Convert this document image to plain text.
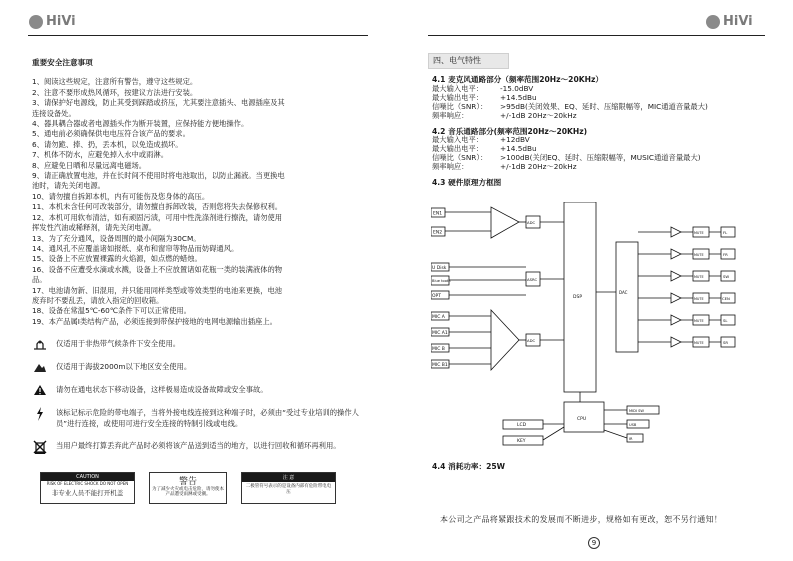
HiVi	HiVi
重要安全注意事项
1、阅读这些规定，注意所有警告，遵守这些规定。
2、注意不要形成热风循环，按建议方法进行安装。
3、请保护好电源线，防止其受到踩踏或挤压，尤其要注意插头、电源插座及其
连接设备处。
4、器具耦合器或者电源插头作为断开装置，应保持能方便地操作。
5、通电前必须确保供电电压符合该产品的要求。
6、请勿跪、捧、扔，丢本机，以免造成损坏。
7、机体不防水，应避免掉入水中或雨淋。
8、应避免日晒和尽量远离电磁场。
9、请正确放置电池，并在长时间不使用时将电池取出，以防止漏液。当更换电
池时，请先关闭电源。
10、请勿擅自拆卸本机，内有可能伤及您身体的高压。
11、本机未含任何可改装部分，请勿擅自拆卸改装，否则您将失去保修权利。
12、本机可用软布清洁，如有顽固污渍，可用中性洗涤剂进行擦洗，请勿使用
挥发性汽油或稀释剂，请先关闭电源。
13、为了充分通风，设备周围的最小间隔为30CM。
14、通风孔不应覆盖诸如报纸、桌布和窗帘等物品而妨碍通风。
15、设备上不应放置裸露的火焰源，如点燃的蜡烛。
16、设备不应遭受水滴或水溅，设备上不应放置诸如花瓶一类的装满液体的物
品。
17、电池请勿新、旧混用，并只能用同样类型或等效类型的电池来更换，电池
废弃时不要乱丢，请放入指定的回收箱。
18、设备在常温5℃-60℃条件下可以正常使用。
19、本产品属I类结构产品，必须连接到带保护接地的电网电源输出插座上。
仅适用于非热带气候条件下安全使用。
仅适用于海拔2000m以下地区安全使用。
请勿在通电状态下移动设备，这样极易造成设备故障或安全事故。
该标记标示危险的带电端子，当将外接电线连接到这种端子时，必须由“受过专业培训的操作人员”进行连接，或使用可进行安全连接的特制引线或电线。
当用户最终打算丢弃此产品时必须将该产品送到适当的地方，以进行回收和循环再利用。
CAUTION
RISK OF ELECTRIC SHOCK DO NOT OPEN
非专业人员不能打开机盖
警告
为了减少火灾或电击危险，请勿使本产品遭受雨淋或受潮。
注 意
二极管符号表示的是设备内部有危险带电电压
四、电气特性
4.1 麦克风通路部分（频率范围20Hz～20KHz）
最大输入电平：	-15.0dBV
最大输出电平：	+14.5dBu
信噪比（SNR）：	>95dB(关闭效果、EQ、延时、压缩限幅等，MIC通道音量最大)
频率响应：	+/-1dB 20Hz～20kHz
4.2 音乐通路部分(频率范围20Hz～20KHz)
最大输入电平：	+12dBV
最大输出电平：	+14.5dBu
信噪比（SNR）：	>100dB(关闭EQ、延时、压缩限幅等，MUSIC通道音量最大)
频率响应：	+/-1dB 20Hz～20kHz
4.3 硬件原理方框图
EN1
EN2
U Disk
Blue tooth
OPT
MIC A
MIC A1
MIC B
MIC B1
ADC
ASRC
ADC
DSP
DAC
CPU
LCD
KEY
MIDI SW
USB
IR
MUTE
MUTE
MUTE
MUTE
MUTE
MUTE
FL
FR
SW
CEN
SL
SR
4.4 消耗功率：25W
本公司之产品将紧跟技术的发展而不断进步，规格如有更改，恕不另行通知！
9
